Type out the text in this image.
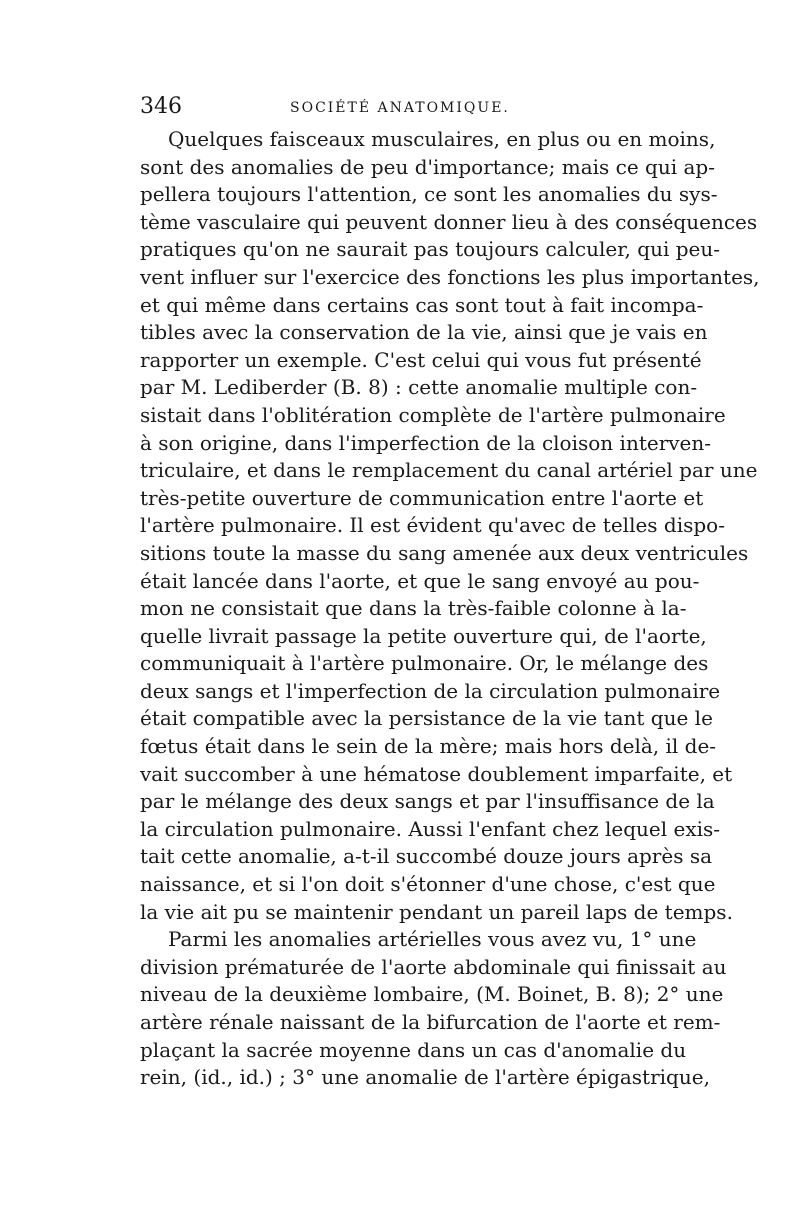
346	SOCIÉTÉ ANATOMIQUE.
Quelques faisceaux musculaires, en plus ou en moins,
sont des anomalies de peu d'importance; mais ce qui ap-
pellera toujours l'attention, ce sont les anomalies du sys-
tème vasculaire qui peuvent donner lieu à des conséquences
pratiques qu'on ne saurait pas toujours calculer, qui peu-
vent influer sur l'exercice des fonctions les plus importantes,
et qui même dans certains cas sont tout à fait incompa-
tibles avec la conservation de la vie, ainsi que je vais en
rapporter un exemple. C'est celui qui vous fut présenté
par M. Lediberder (B. 8) : cette anomalie multiple con-
sistait dans l'oblitération complète de l'artère pulmonaire
à son origine, dans l'imperfection de la cloison interven-
triculaire, et dans le remplacement du canal artériel par une
très-petite ouverture de communication entre l'aorte et
l'artère pulmonaire. Il est évident qu'avec de telles dispo-
sitions toute la masse du sang amenée aux deux ventricules
était lancée dans l'aorte, et que le sang envoyé au pou-
mon ne consistait que dans la très-faible colonne à la-
quelle livrait passage la petite ouverture qui, de l'aorte,
communiquait à l'artère pulmonaire. Or, le mélange des
deux sangs et l'imperfection de la circulation pulmonaire
était compatible avec la persistance de la vie tant que le
fœtus était dans le sein de la mère; mais hors delà, il de-
vait succomber à une hématose doublement imparfaite, et
par le mélange des deux sangs et par l'insuffisance de la
la circulation pulmonaire. Aussi l'enfant chez lequel exis-
tait cette anomalie, a-t-il succombé douze jours après sa
naissance, et si l'on doit s'étonner d'une chose, c'est que
la vie ait pu se maintenir pendant un pareil laps de temps.
Parmi les anomalies artérielles vous avez vu, 1° une
division prématurée de l'aorte abdominale qui finissait au
niveau de la deuxième lombaire, (M. Boinet, B. 8); 2° une
artère rénale naissant de la bifurcation de l'aorte et rem-
plaçant la sacrée moyenne dans un cas d'anomalie du
rein, (id., id.) ; 3° une anomalie de l'artère épigastrique,
